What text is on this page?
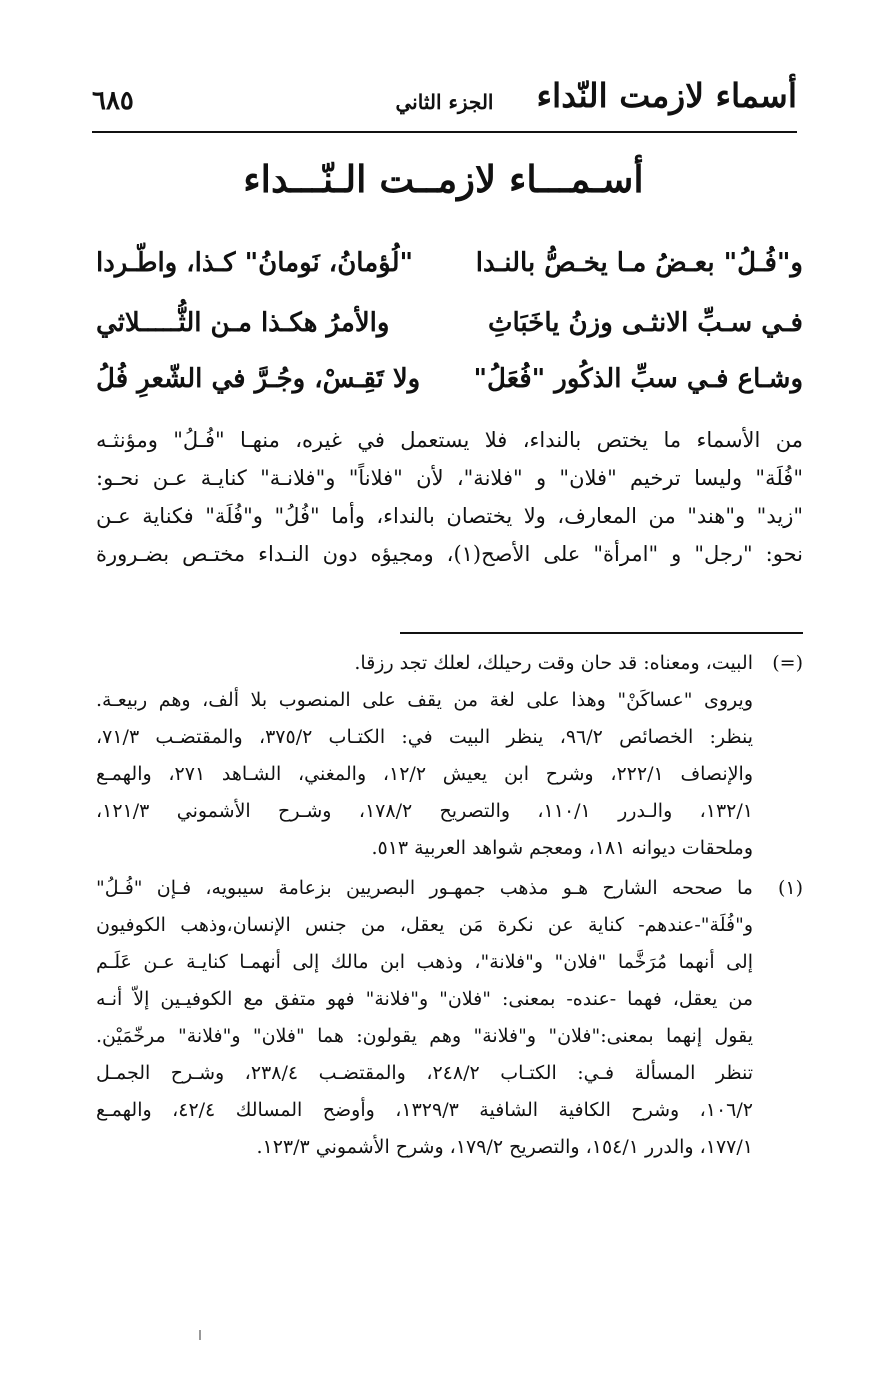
أسماء لازمت النّداء
الجزء الثاني
٦٨٥
أسـمـــاء لازمــت الـنّـــداء
و"فُـلُ" بعـضُ مـا يخـصُّ بالنـدا
"لُؤمانُ، نَومانُ" كـذا، واطّـردا
فـي سـبِّ الانثـى وزنُ ياخَبَاثِ
والأمرُ هكـذا مـن الثُّـــــلاثي
وشـاع فـي سبِّ الذكُور "فُعَلُ"
ولا تَقِـسْ، وجُـرَّ في الشّعرِ فُلُ
من الأسماء ما يختص بالنداء، فلا يستعمل في غيره، منهـا "فُـلُ" ومؤنثـه
"فُلَة" وليسا ترخيم "فلان" و "فلانة"، لأن "فلاناً" و"فلانـة" كنايـة عـن نحـو:
"زيد" و"هند" من المعارف، ولا يختصان بالنداء، وأما "فُلُ" و"فُلَة" فكناية عـن
نحو: "رجل" و "امرأة" على الأصح(١)، ومجيؤه دون النـداء مختـص بضـرورة
(=)
البيت، ومعناه: قد حان وقت رحيلك، لعلك تجد رزقا.
ويروى "عساكَنْ" وهذا على لغة من يقف على المنصوب بلا ألف، وهم ربيعـة.
ينظر: الخصائص ٩٦/٢، ينظر البيت في: الكتـاب ٣٧٥/٢، والمقتضـب ٧١/٣،
والإنصاف ٢٢٢/١، وشرح ابن يعيش ١٢/٢، والمغني، الشـاهد ٢٧١، والهمـع
١٣٢/١، والـدرر ١١٠/١، والتصريح ١٧٨/٢، وشـرح الأشموني ١٢١/٣،
وملحقات ديوانه ١٨١، ومعجم شواهد العربية ٥١٣.
(١)
ما صححه الشارح هـو مذهب جمهـور البصريين بزعامة سيبويه، فـإن "فُـلُ"
و"فُلَة"-عندهم- كناية عن نكرة مَن يعقل، من جنس الإنسان،وذهب الكوفيون
إلى أنهما مُرَخَّما "فلان" و"فلانة"، وذهب ابن مالك إلى أنهمـا كنايـة عـن عَلَـم
من يعقل، فهما -عنده- بمعنى: "فلان" و"فلانة" فهو متفق مع الكوفيـين إلاّ أنـه
يقول إنهما بمعنى:"فلان" و"فلانة" وهم يقولون: هما "فلان" و"فلانة" مرخّمَيْن.
تنظر المسألة فـي: الكتـاب ٢٤٨/٢، والمقتضـب ٢٣٨/٤، وشـرح الجمـل
١٠٦/٢، وشرح الكافية الشافية ١٣٢٩/٣، وأوضح المسالك ٤٢/٤، والهمـع
١٧٧/١، والدرر ١٥٤/١، والتصريح ١٧٩/٢، وشرح الأشموني ١٢٣/٣.
